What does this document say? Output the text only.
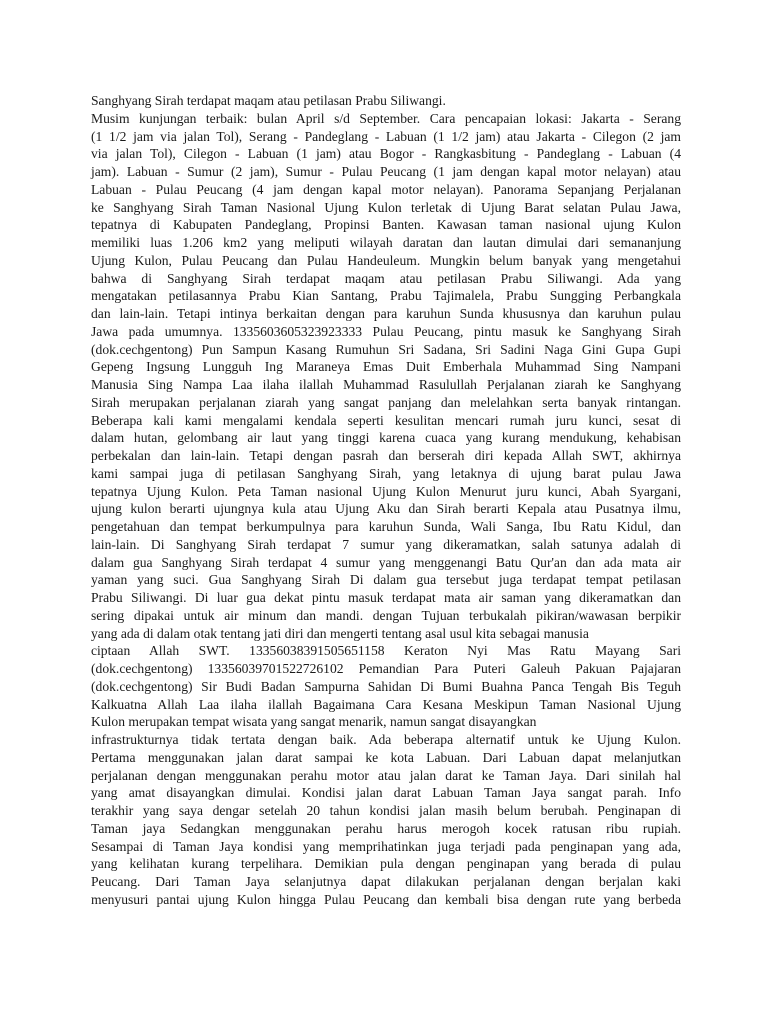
Sanghyang Sirah terdapat maqam atau petilasan Prabu Siliwangi.
Musim kunjungan terbaik: bulan April s/d September. Cara pencapaian lokasi: Jakarta - Serang
(1 1/2 jam via jalan Tol), Serang - Pandeglang - Labuan (1 1/2 jam) atau Jakarta - Cilegon (2 jam
via jalan Tol), Cilegon - Labuan (1 jam) atau Bogor - Rangkasbitung - Pandeglang - Labuan (4
jam). Labuan - Sumur (2 jam), Sumur - Pulau Peucang (1 jam dengan kapal motor nelayan) atau
Labuan - Pulau Peucang (4 jam dengan kapal motor nelayan). Panorama Sepanjang Perjalanan
ke Sanghyang Sirah Taman Nasional Ujung Kulon terletak di Ujung Barat selatan Pulau Jawa,
tepatnya di Kabupaten Pandeglang, Propinsi Banten. Kawasan taman nasional ujung Kulon
memiliki luas 1.206 km2 yang meliputi wilayah daratan dan lautan dimulai dari semananjung
Ujung Kulon, Pulau Peucang dan Pulau Handeuleum. Mungkin belum banyak yang mengetahui
bahwa di Sanghyang Sirah terdapat maqam atau petilasan Prabu Siliwangi. Ada yang
mengatakan petilasannya Prabu Kian Santang, Prabu Tajimalela, Prabu Sungging Perbangkala
dan lain-lain. Tetapi intinya berkaitan dengan para karuhun Sunda khususnya dan karuhun pulau
Jawa pada umumnya. 1335603605323923333 Pulau Peucang, pintu masuk ke Sanghyang Sirah
(dok.cechgentong) Pun Sampun Kasang Rumuhun Sri Sadana, Sri Sadini Naga Gini Gupa Gupi
Gepeng Ingsung Lungguh Ing Maraneya Emas Duit Emberhala Muhammad Sing Nampani
Manusia Sing Nampa Laa ilaha ilallah Muhammad Rasulullah Perjalanan ziarah ke Sanghyang
Sirah merupakan perjalanan ziarah yang sangat panjang dan melelahkan serta banyak rintangan.
Beberapa kali kami mengalami kendala seperti kesulitan mencari rumah juru kunci, sesat di
dalam hutan, gelombang air laut yang tinggi karena cuaca yang kurang mendukung, kehabisan
perbekalan dan lain-lain. Tetapi dengan pasrah dan berserah diri kepada Allah SWT, akhirnya
kami sampai juga di petilasan Sanghyang Sirah, yang letaknya di ujung barat pulau Jawa
tepatnya Ujung Kulon. Peta Taman nasional Ujung Kulon Menurut juru kunci, Abah Syargani,
ujung kulon berarti ujungnya kula atau Ujung Aku dan Sirah berarti Kepala atau Pusatnya ilmu,
pengetahuan dan tempat berkumpulnya para karuhun Sunda, Wali Sanga, Ibu Ratu Kidul, dan
lain-lain. Di Sanghyang Sirah terdapat 7 sumur yang dikeramatkan, salah satunya adalah di
dalam gua Sanghyang Sirah terdapat 4 sumur yang menggenangi Batu Qur'an dan ada mata air
yaman yang suci. Gua Sanghyang Sirah Di dalam gua tersebut juga terdapat tempat petilasan
Prabu Siliwangi. Di luar gua dekat pintu masuk terdapat mata air saman yang dikeramatkan dan
sering dipakai untuk air minum dan mandi. dengan Tujuan terbukalah pikiran/wawasan berpikir
yang ada di dalam otak tentang jati diri dan mengerti tentang asal usul kita sebagai manusia
ciptaan Allah SWT. 13356038391505651158 Keraton Nyi Mas Ratu Mayang Sari
(dok.cechgentong) 13356039701522726102 Pemandian Para Puteri Galeuh Pakuan Pajajaran
(dok.cechgentong) Sir Budi Badan Sampurna Sahidan Di Bumi Buahna Panca Tengah Bis Teguh
Kalkuatna Allah Laa ilaha ilallah Bagaimana Cara Kesana Meskipun Taman Nasional Ujung
Kulon merupakan tempat wisata yang sangat menarik, namun sangat disayangkan
infrastrukturnya tidak tertata dengan baik. Ada beberapa alternatif untuk ke Ujung Kulon.
Pertama menggunakan jalan darat sampai ke kota Labuan. Dari Labuan dapat melanjutkan
perjalanan dengan menggunakan perahu motor atau jalan darat ke Taman Jaya. Dari sinilah hal
yang amat disayangkan dimulai. Kondisi jalan darat Labuan Taman Jaya sangat parah. Info
terakhir yang saya dengar setelah 20 tahun kondisi jalan masih belum berubah. Penginapan di
Taman jaya Sedangkan menggunakan perahu harus merogoh kocek ratusan ribu rupiah.
Sesampai di Taman Jaya kondisi yang memprihatinkan juga terjadi pada penginapan yang ada,
yang kelihatan kurang terpelihara. Demikian pula dengan penginapan yang berada di pulau
Peucang. Dari Taman Jaya selanjutnya dapat dilakukan perjalanan dengan berjalan kaki
menyusuri pantai ujung Kulon hingga Pulau Peucang dan kembali bisa dengan rute yang berbeda
